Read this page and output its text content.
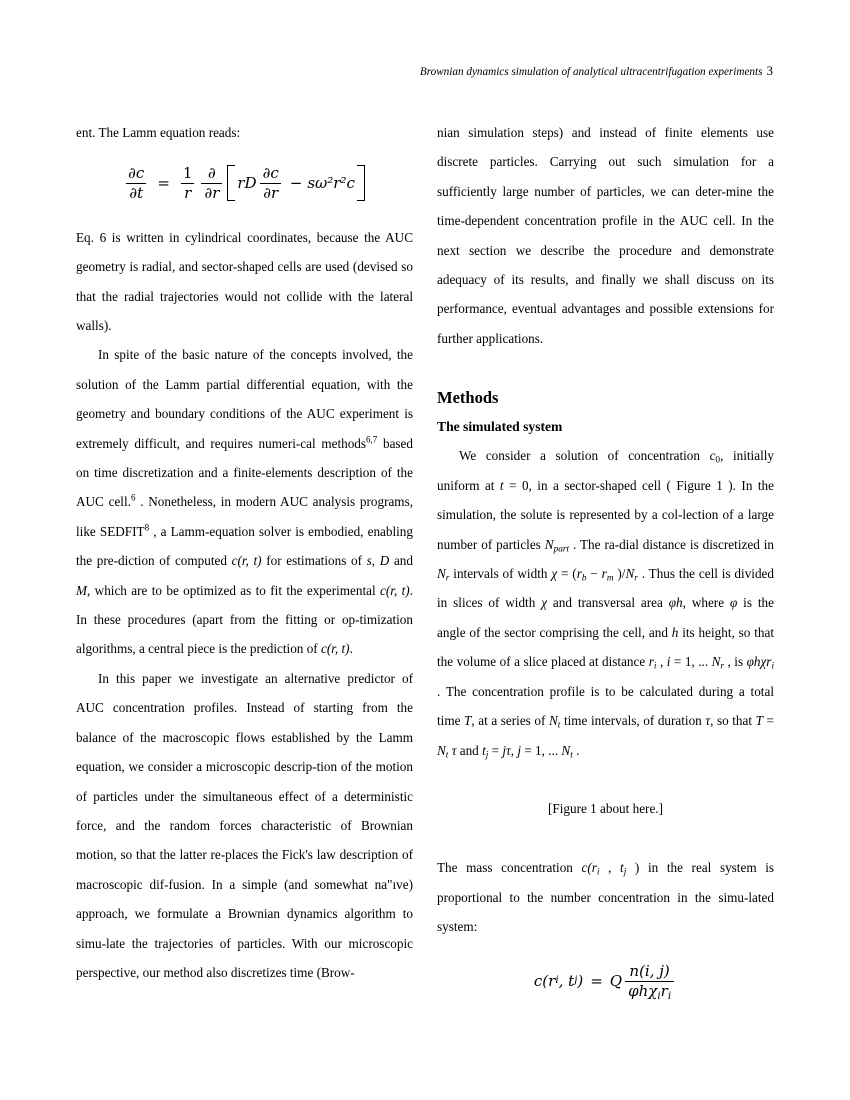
Brownian dynamics simulation of analytical ultracentrifugation experiments 3

ent. The Lamm equation reads:

$\frac{\partial c}{\partial t} = \frac{1}{r} \frac{\partial}{\partial r}$ rD $\frac{\partial c}{\partial r} - s\omega^2r^2c$

Eq. 6 is written in cylindrical coordinates, because the AUC geometry is radial, and sector-shaped cells are used (devised so that the radial trajectories would not collide with the lateral walls).

In spite of the basic nature of the concepts involved, the solution of the Lamm partial differential equation, with the geometry and boundary conditions of the AUC experiment is extremely difficult, and requires numeri-cal methods$^{6,7}$ based on time discretization and a finite-elements description of the AUC cell.$^6$ . Nonetheless, in modern AUC analysis programs, like SEDFIT$^8$ , a Lamm-equation solver is embodied, enabling the pre-diction of computed c(r, t) for estimations of s, D and M, which are to be optimized as to fit the experimental c(r, t). In these procedures (apart from the fitting or op-timization algorithms, a central piece is the prediction of c(r, t).

In this paper we investigate an alternative predictor of AUC concentration profiles. Instead of starting from the balance of the macroscopic flows established by the Lamm equation, we consider a microscopic descrip-tion of the motion of particles under the simultaneous effect of a deterministic force, and the random forces characteristic of Brownian motion, so that the latter re-places the Fick's law description of macroscopic dif-fusion. In a simple (and somewhat na"ıve) approach, we formulate a Brownian dynamics algorithm to simu-late the trajectories of particles. With our microscopic perspective, our method also discretizes time (Brow-

nian simulation steps) and instead of finite elements use discrete particles. Carrying out such simulation for a sufficiently large number of particles, we can deter-mine the time-dependent concentration profile in the AUC cell. In the next section we describe the procedure and demonstrate adequacy of its results, and finally we shall discuss on its performance, eventual advantages and possible extensions for further applications.

Methods
The simulated system

We consider a solution of concentration $c_0$, initially uniform at t = 0, in a sector-shaped cell ( Figure 1 ). In the simulation, the solute is represented by a col-lection of a large number of particles $N_{part}$ . The ra-dial distance is discretized in $N_r$ intervals of width $\chi = (r_b - r_m$ )$/N_r$ . Thus the cell is divided in slices of width χ and transversal area φh, where φ is the angle of the sector comprising the cell, and h its height, so that the volume of a slice placed at distance $r_i$ , i = 1, ... $N_r$ , is φhχr$_i$ . The concentration profile is to be calculated during a total time T, at a series of $N_t$ time intervals, of duration τ, so that $T = N_t$ τ and $t_j = j\tau$, j = 1, ... $N_t$ .

[Figure 1 about here.]

The mass concentration $c(r_i$ , $t_j$ ) in the real system is proportional to the number concentration in the simu-lated system:

c(r i , t j ) = Q $\frac{n(i, j)}{\varphi h\chi_ir_i}$
